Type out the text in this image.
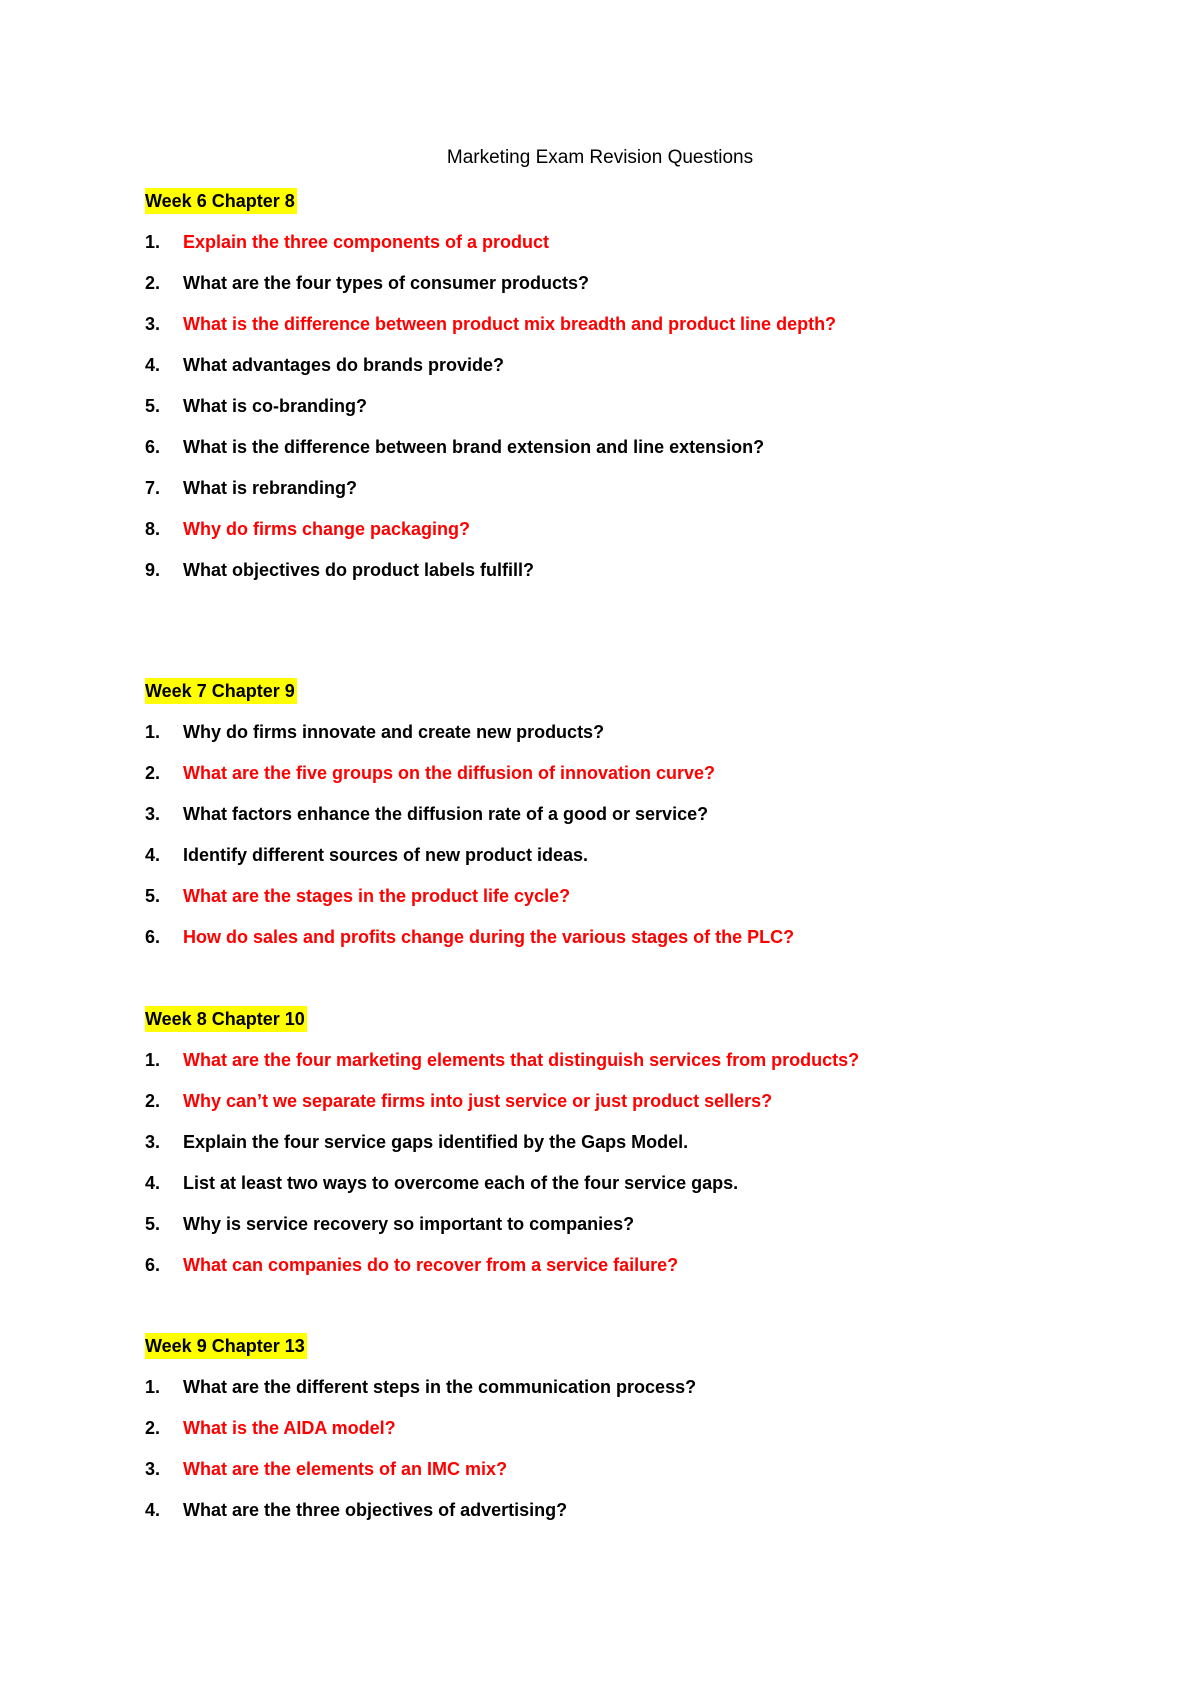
Marketing Exam Revision Questions
Week 6 Chapter 8
1.	Explain the three components of a product
2.	What are the four types of consumer products?
3.	What is the difference between product mix breadth and product line depth?
4.	What advantages do brands provide?
5.	What is co-branding?
6.	What is the difference between brand extension and line extension?
7.	What is rebranding?
8.	Why do firms change packaging?
9.	What objectives do product labels fulfill?
Week 7 Chapter 9
1.	Why do firms innovate and create new products?
2.	What are the five groups on the diffusion of innovation curve?
3.	What factors enhance the diffusion rate of a good or service?
4.	Identify different sources of new product ideas.
5.	What are the stages in the product life cycle?
6.	How do sales and profits change during the various stages of the PLC?
Week 8 Chapter 10
1.	What are the four marketing elements that distinguish services from products?
2.	Why can’t we separate firms into just service or just product sellers?
3.	Explain the four service gaps identified by the Gaps Model.
4.	List at least two ways to overcome each of the four service gaps.
5.	Why is service recovery so important to companies?
6.	What can companies do to recover from a service failure?
Week 9 Chapter 13
1.	What are the different steps in the communication process?
2.	What is the AIDA model?
3.	What are the elements of an IMC mix?
4.	What are the three objectives of advertising?
